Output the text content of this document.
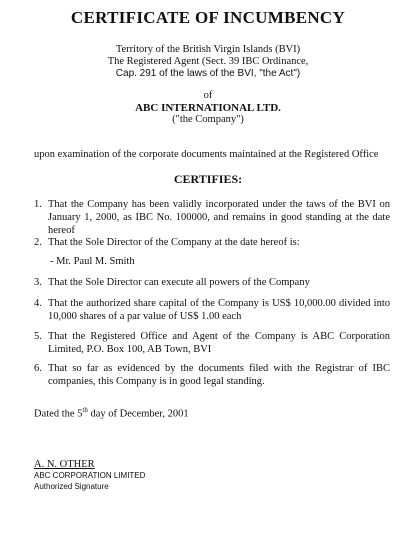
CERTIFICATE OF INCUMBENCY
Territory of the British Virgin Islands (BVI)
The Registered Agent (Sect. 39 IBC Ordinance,
Cap. 291 of the laws of the BVI, "the Act")
of
ABC INTERNATIONAL LTD.
("the Company")
upon examination of the corporate documents maintained at the Registered Office
CERTIFIES:
1. That the Company has been validly incorporated under the taws of the BVI on January 1, 2000, as IBC No. 100000, and remains in good standing at the date hereof
2. That the Sole Director of the Company at the date hereof is:
- Mr. Paul M. Smith
3. That the Sole Director can execute all powers of the Company
4. That the authorized share capital of the Company is US$ 10,000.00 divided into 10,000 shares of a par value of US$ 1.00 each
5. That the Registered Office and Agent of the Company is ABC Corporation Limited, P.O. Box 100, AB Town, BVI
6. That so far as evidenced by the documents filed with the Registrar of IBC companies, this Company is in good legal standing.
Dated the 5th day of December, 2001
A. N. OTHER
ABC CORPORATION LIMITED
Authorized Signature
